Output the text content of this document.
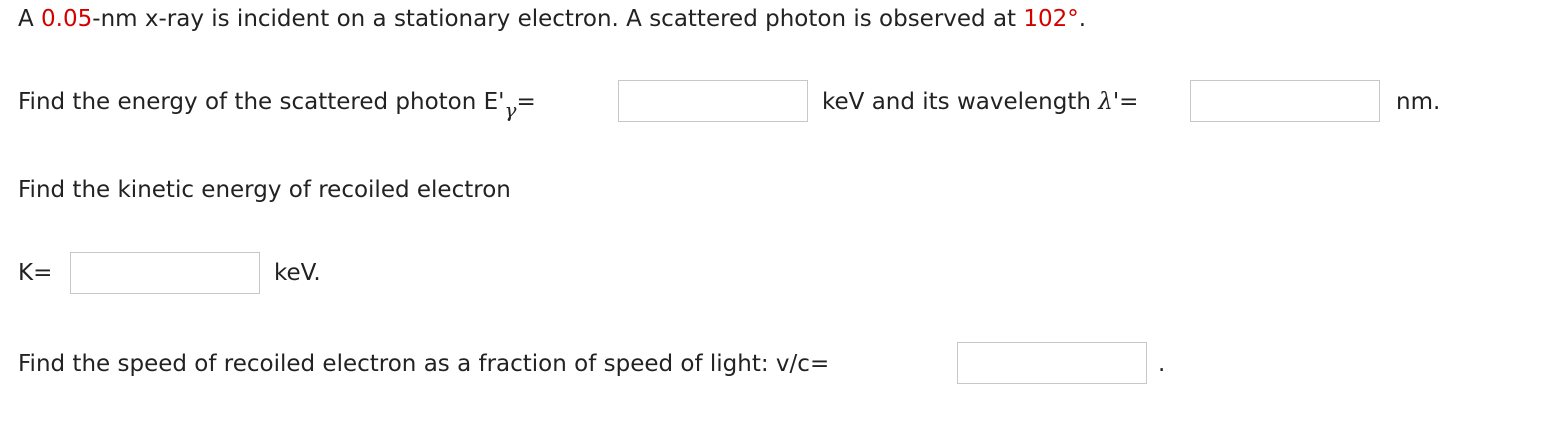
A 0.05-nm x-ray is incident on a stationary electron. A scattered photon is observed at 102°.
Find the energy of the scattered photon E'γ=	keV and its wavelength λ'=	nm.
Find the kinetic energy of recoiled electron
K=	keV.
Find the speed of recoiled electron as a fraction of speed of light: v/c=	.
